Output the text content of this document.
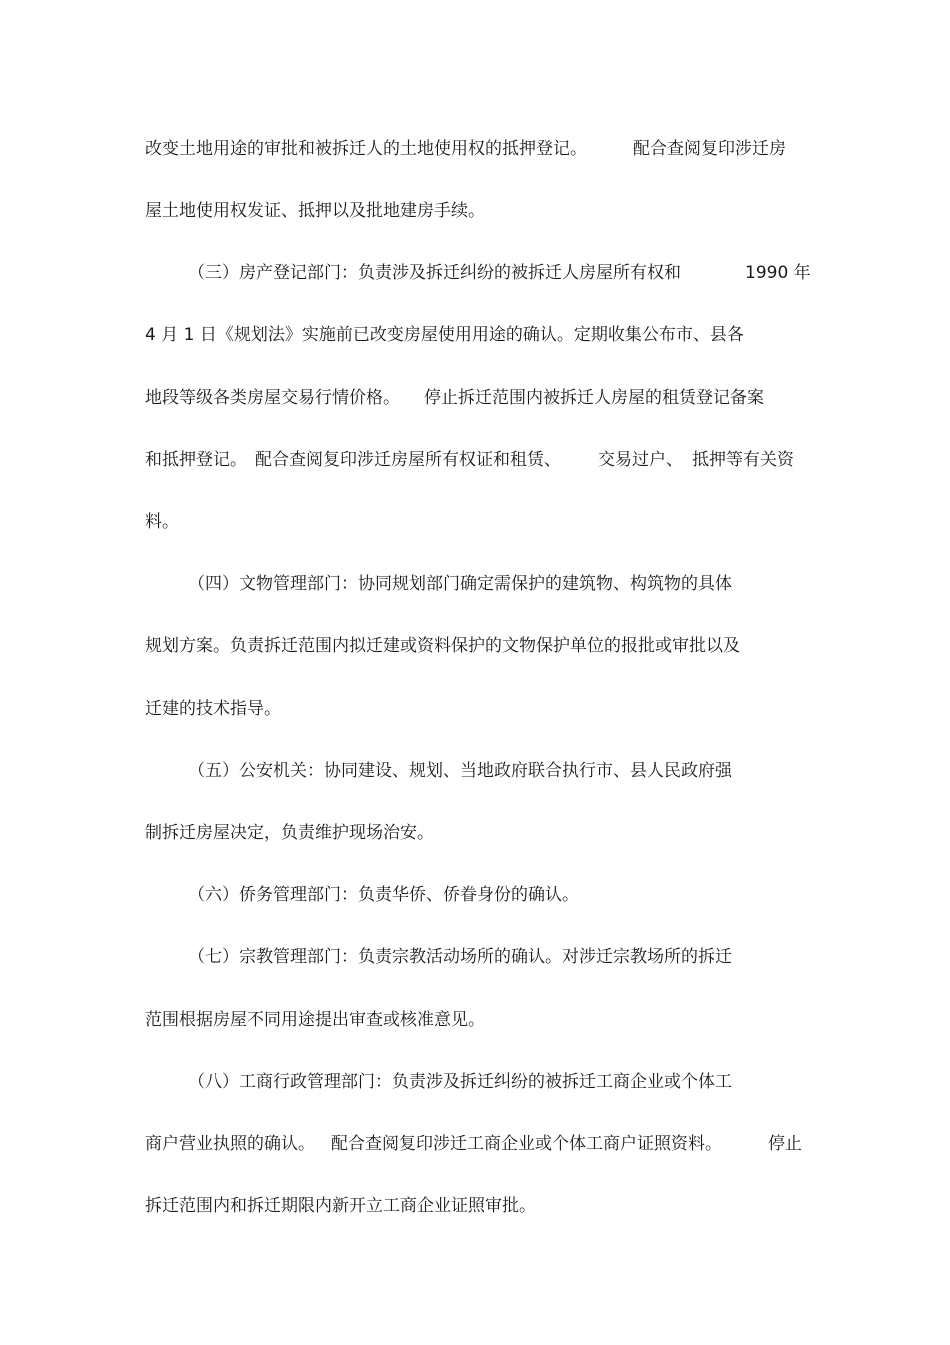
改变土地用途的审批和被拆迁人的土地使用权的抵押登记。

	配合查阅复印涉迁房

屋土地使用权发证、抵押以及批地建房手续。

（三）房产登记部门：负责涉及拆迁纠纷的被拆迁人房屋所有权和

	1990 年

4 月 1 日《规划法》实施前已改变房屋使用用途的确认。定期收集公布市、县各

地段等级各类房屋交易行情价格。

停止拆迁范围内被拆迁人房屋的租赁登记备案

和抵押登记。

配合查阅复印涉迁房屋所有权证和租赁、

交易过户、

抵押等有关资

料。

（四）文物管理部门：协同规划部门确定需保护的建筑物、构筑物的具体

规划方案。负责拆迁范围内拟迁建或资料保护的文物保护单位的报批或审批以及

迁建的技术指导。

（五）公安机关：协同建设、规划、当地政府联合执行市、县人民政府强

制拆迁房屋决定，负责维护现场治安。

（六）侨务管理部门：负责华侨、侨眷身份的确认。

（七）宗教管理部门：负责宗教活动场所的确认。对涉迁宗教场所的拆迁

范围根据房屋不同用途提出审查或核准意见。

（八）工商行政管理部门：负责涉及拆迁纠纷的被拆迁工商企业或个体工

商户营业执照的确认。

配合查阅复印涉迁工商企业或个体工商户证照资料。

	停止

拆迁范围内和拆迁期限内新开立工商企业证照审批。
